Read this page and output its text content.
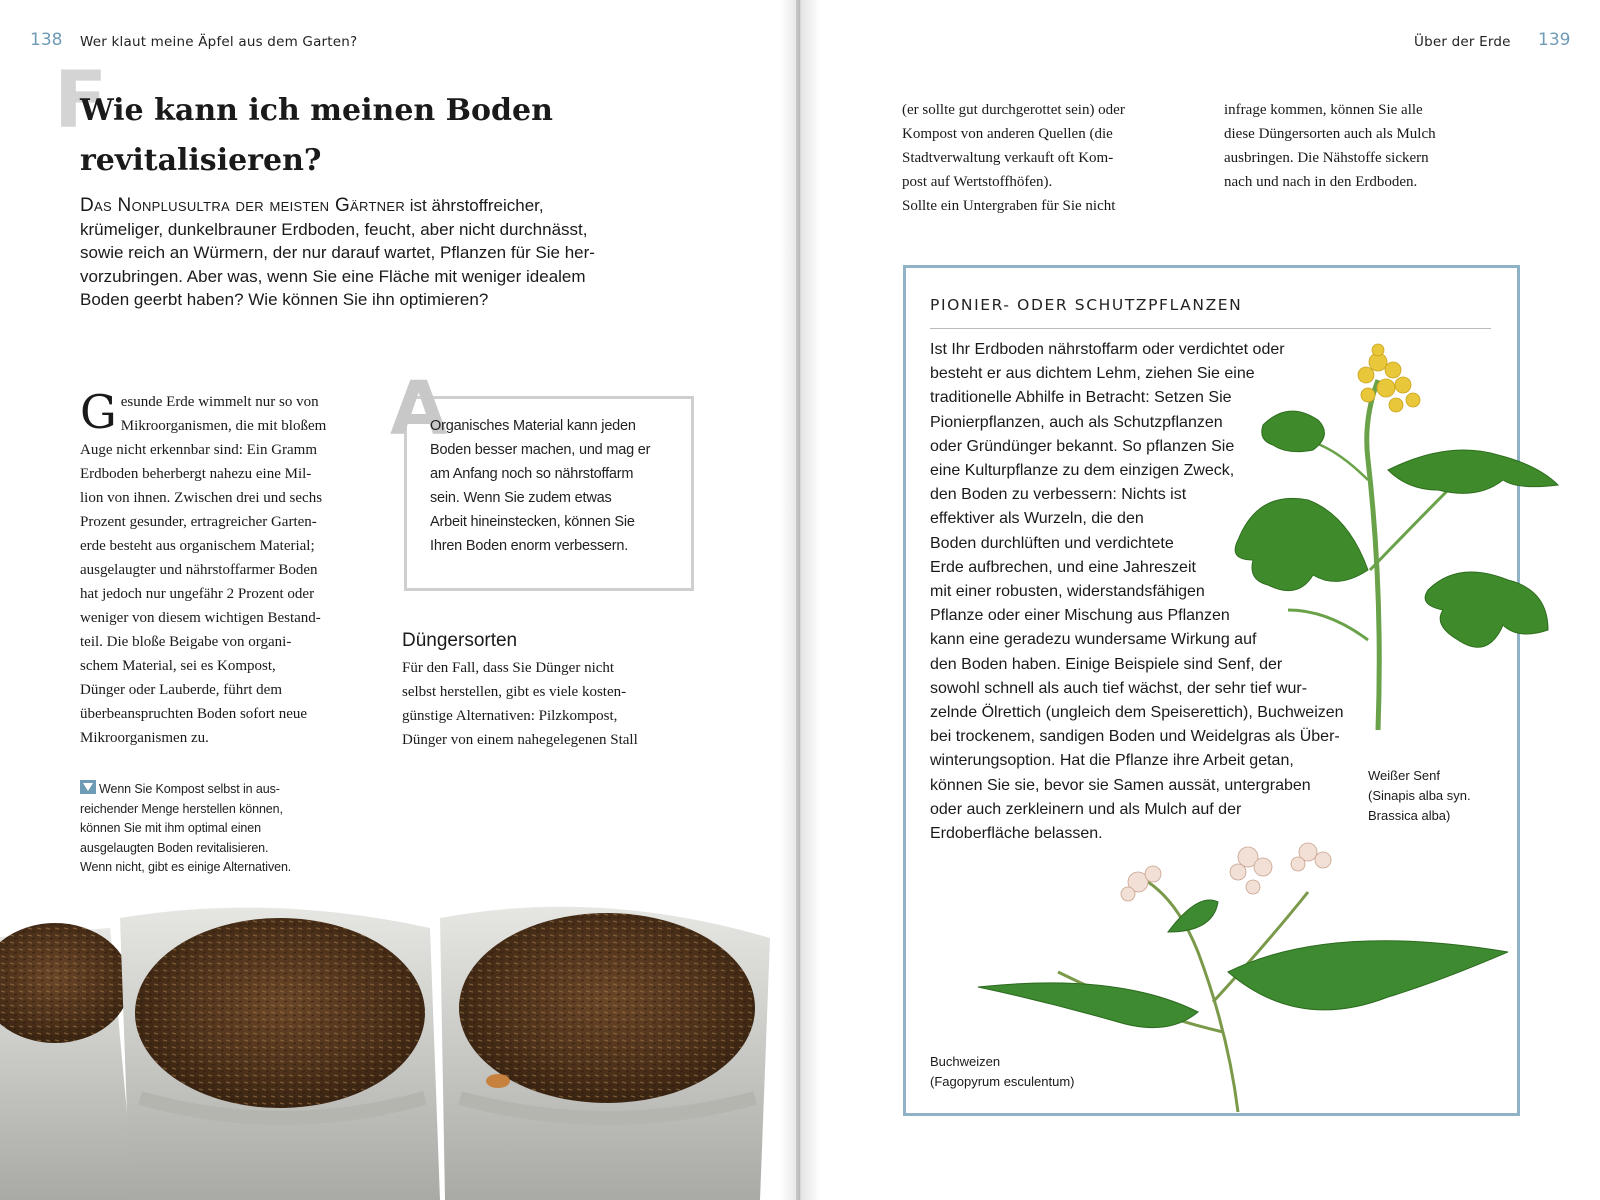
138 Wer klaut meine Äpfel aus dem Garten?
F
Wie kann ich meinen Boden
revitalisieren?
Das Nonplusultra der meisten Gärtner ist ährstoffreicher,
krümeliger, dunkelbrauner Erdboden, feucht, aber nicht durchnässt,
sowie reich an Würmern, der nur darauf wartet, Pflanzen für Sie her-
vorzubringen. Aber was, wenn Sie eine Fläche mit weniger idealem
Boden geerbt haben? Wie können Sie ihn optimieren?
Gesunde Erde wimmelt nur so von
Mikroorganismen, die mit bloßem
Auge nicht erkennbar sind: Ein Gramm
Erdboden beherbergt nahezu eine Mil-
lion von ihnen. Zwischen drei und sechs
Prozent gesunder, ertragreicher Garten-
erde besteht aus organischem Material;
ausgelaugter und nährstoffarmer Boden
hat jedoch nur ungefähr 2 Prozent oder
weniger von diesem wichtigen Bestand-
teil. Die bloße Beigabe von organi-
schem Material, sei es Kompost,
Dünger oder Lauberde, führt dem
überbeanspruchten Boden sofort neue
Mikroorganismen zu.
A
Organisches Material kann jeden
Boden besser machen, und mag er
am Anfang noch so nährstoffarm
sein. Wenn Sie zudem etwas
Arbeit hineinstecken, können Sie
Ihren Boden enorm verbessern.
Düngersorten
Für den Fall, dass Sie Dünger nicht
selbst herstellen, gibt es viele kosten-
günstige Alternativen: Pilzkompost,
Dünger von einem nahegelegenen Stall
Wenn Sie Kompost selbst in aus-
reichender Menge herstellen können,
können Sie mit ihm optimal einen
ausgelaugten Boden revitalisieren.
Wenn nicht, gibt es einige Alternativen.
Über der Erde 139
(er sollte gut durchgerottet sein) oder
Kompost von anderen Quellen (die
Stadtverwaltung verkauft oft Kom-
post auf Wertstoffhöfen).
Sollte ein Untergraben für Sie nicht
infrage kommen, können Sie alle
diese Düngersorten auch als Mulch
ausbringen. Die Nähstoffe sickern
nach und nach in den Erdboden.
PIONIER- ODER SCHUTZPFLANZEN
Ist Ihr Erdboden nährstoffarm oder verdichtet oder
besteht er aus dichtem Lehm, ziehen Sie eine
traditionelle Abhilfe in Betracht: Setzen Sie
Pionierpflanzen, auch als Schutzpflanzen
oder Gründünger bekannt. So pflanzen Sie
eine Kulturpflanze zu dem einzigen Zweck,
den Boden zu verbessern: Nichts ist
effektiver als Wurzeln, die den
Boden durchlüften und verdichtete
Erde aufbrechen, und eine Jahreszeit
mit einer robusten, widerstandsfähigen
Pflanze oder einer Mischung aus Pflanzen
kann eine geradezu wundersame Wirkung auf
den Boden haben. Einige Beispiele sind Senf, der
sowohl schnell als auch tief wächst, der sehr tief wur-
zelnde Ölrettich (ungleich dem Speiserettich), Buchweizen
bei trockenem, sandigen Boden und Weidelgras als Über-
winterungsoption. Hat die Pflanze ihre Arbeit getan,
können Sie sie, bevor sie Samen aussät, untergraben
oder auch zerkleinern und als Mulch auf der
Erdoberfläche belassen.
Weißer Senf
(Sinapis alba syn.
Brassica alba)
Buchweizen
(Fagopyrum esculentum)
